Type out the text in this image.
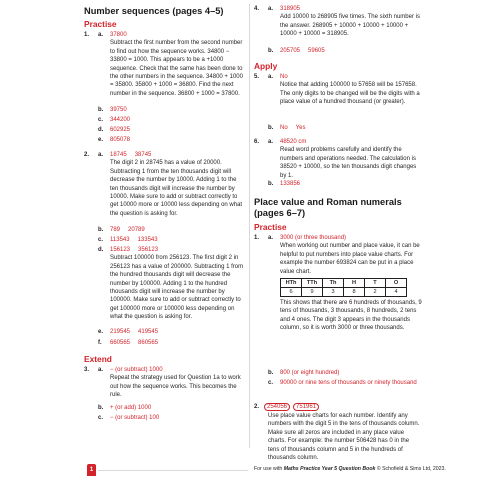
Number sequences (pages 4–5)
Practise
1. a. 37800

Subtract the first number from the second number to find out how the sequence works. 34800 − 33800 = 1000. This appears to be a +1000 sequence. Check that the same has been done to the other numbers in the sequence. 34800 + 1000 = 35800. 35800 + 1000 = 36800. Find the next number in the sequence. 36800 + 1000 = 37800.

b. 39750
c. 344200
d. 602925
e. 805078
2. a. 18745 38745

The digit 2 in 28745 has a value of 20000. Subtracting 1 from the ten thousands digit will decrease the number by 10000. Adding 1 to the ten thousands digit will increase the number by 10000. Make sure to add or subtract correctly to get 10000 more or 10000 less depending on what the question is asking for.

b. 789 20789
c. 113543 133543
d. 156123 356123

Subtract 100000 from 256123. The first digit 2 in 256123 has a value of 200000. Subtracting 1 from the hundred thousands digit will decrease the number by 100000. Adding 1 to the hundred thousands digit will increase the number by 100000. Make sure to add or subtract correctly to get 100000 more or 100000 less depending on what the question is asking for.

e. 219545 419545
f. 660565 860565
Extend
3. a. − (or subtract) 1000

Repeat the strategy used for Question 1a to work out how the sequence works. This becomes the rule.

b. + (or add) 1000
c. − (or subtract) 100
4. a. 318905

Add 10000 to 268905 five times. The sixth number is the answer. 268905 + 10000 + 10000 + 10000 + 10000 + 10000 = 318905.

b. 205705 59605
Apply
5. a. No

Notice that adding 100000 to 57658 will be 157658. The only digits to be changed will be the digits with a place value of a hundred thousand (or greater).

b. No Yes
6. a. 48520 cm

Read word problems carefully and identify the numbers and operations needed. The calculation is 38520 + 10000, so the ten thousands digit changes by 1.

b. 133856
Place value and Roman numerals (pages 6–7)
Practise
1. a. 3000 (or three thousand)

When working out number and place value, it can be helpful to put numbers into place value charts. For example the number 693824 can be put in a place value chart.

HTh	TTh	Th	H	T	O
6	9	3	8	2	4

This shows that there are 6 hundreds of thousands, 9 tens of thousands, 3 thousands, 8 hundreds, 2 tens and 4 ones. The digit 3 appears in the thousands column, so it is worth 3000 or three thousands.

b. 800 (or eight hundred)
c. 90000 or nine tens of thousands or ninety thousand
2.	254056 751961

Use place value charts for each number. Identify any numbers with the digit 5 in the tens of thousands column. Make sure all zeros are included in any place value charts. For example: the number 506428 has 0 in the tens of thousands column and 5 in the hundreds of thousands column.

1	For use with Maths Practice Year 5 Question Book © Schofield & Sims Ltd, 2023.
